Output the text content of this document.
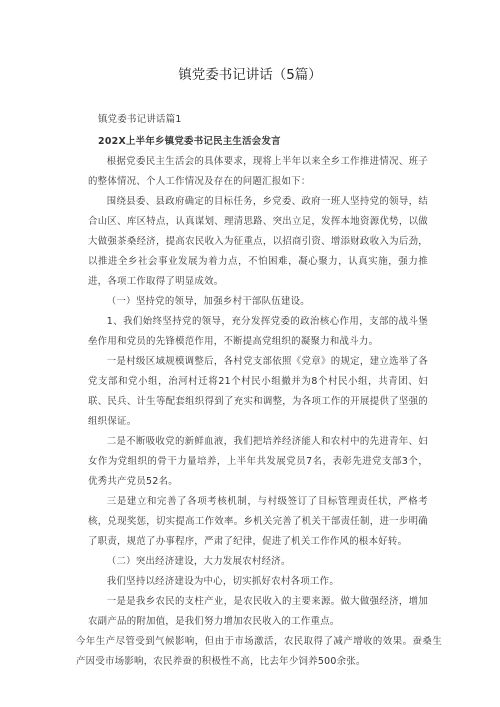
镇党委书记讲话（5篇）

镇党委书记讲话篇1

202X上半年乡镇党委书记民主生活会发言

根据党委民主生活会的具体要求，现将上半年以来全乡工作推进情况、班子的整体情况、个人工作情况及存在的问题汇报如下：

围绕县委、县政府确定的目标任务，乡党委、政府一班人坚持党的领导，结合山区、库区特点，认真谋划、理清思路、突出立足，发挥本地资源优势，以做大做强茶桑经济，提高农民收入为征重点，以招商引资、增添财政收入为后劲，以推进全乡社会事业发展为着力点，不怕困难，凝心聚力，认真实施，强力推进，各项工作取得了明显成效。

（一）坚持党的领导，加强乡村干部队伍建设。

1、我们始终坚持党的领导，充分发挥党委的政治核心作用，支部的战斗堡垒作用和党员的先锋模范作用，不断提高党组织的凝聚力和战斗力。

一是村级区域规模调整后，各村党支部依照《党章》的规定，建立选举了各党支部和党小组，治河村迁将21个村民小组撤并为8个村民小组，共青团、妇联、民兵、计生等配套组织得到了充实和调整，为各项工作的开展提供了坚强的组织保证。

二是不断吸收党的新鲜血液，我们把培养经济能人和农村中的先进青年、妇女作为党组织的骨干力量培养，上半年共发展党员7名，表彰先进党支部3个，优秀共产党员52名。

三是建立和完善了各项考核机制，与村级签订了目标管理责任状，严格考核，兑现奖惩，切实提高工作效率。乡机关完善了机关干部责任制，进一步明确了职责，规范了办事程序，严肃了纪律，促进了机关工作作风的根本好转。

（二）突出经济建设，大力发展农村经济。

我们坚持以经济建设为中心，切实抓好农村各项工作。

一是是我乡农民的支柱产业，是农民收入的主要来源。做大做强经济，增加农副产品的附加值，是我们努力增加农民收入的工作重点。

今年生产尽管受到气候影响，但由于市场激活，农民取得了减产增收的效果。蚕桑生产因受市场影响，农民养蚕的积极性不高，比去年少饲养500余张。
